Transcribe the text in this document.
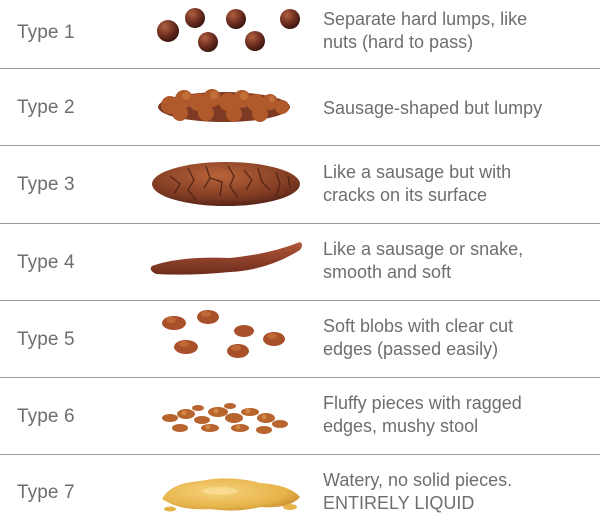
Type 1
Separate hard lumps, like
nuts (hard to pass)
Type 2	Sausage-shaped but lumpy
Type 3
Like a sausage but with
cracks on its surface
Type 4
Like a sausage or snake,
smooth and soft
Type 5
Soft blobs with clear cut
edges (passed easily)
Type 6
Fluffy pieces with ragged
edges, mushy stool
Type 7
Watery, no solid pieces.
ENTIRELY LIQUID
